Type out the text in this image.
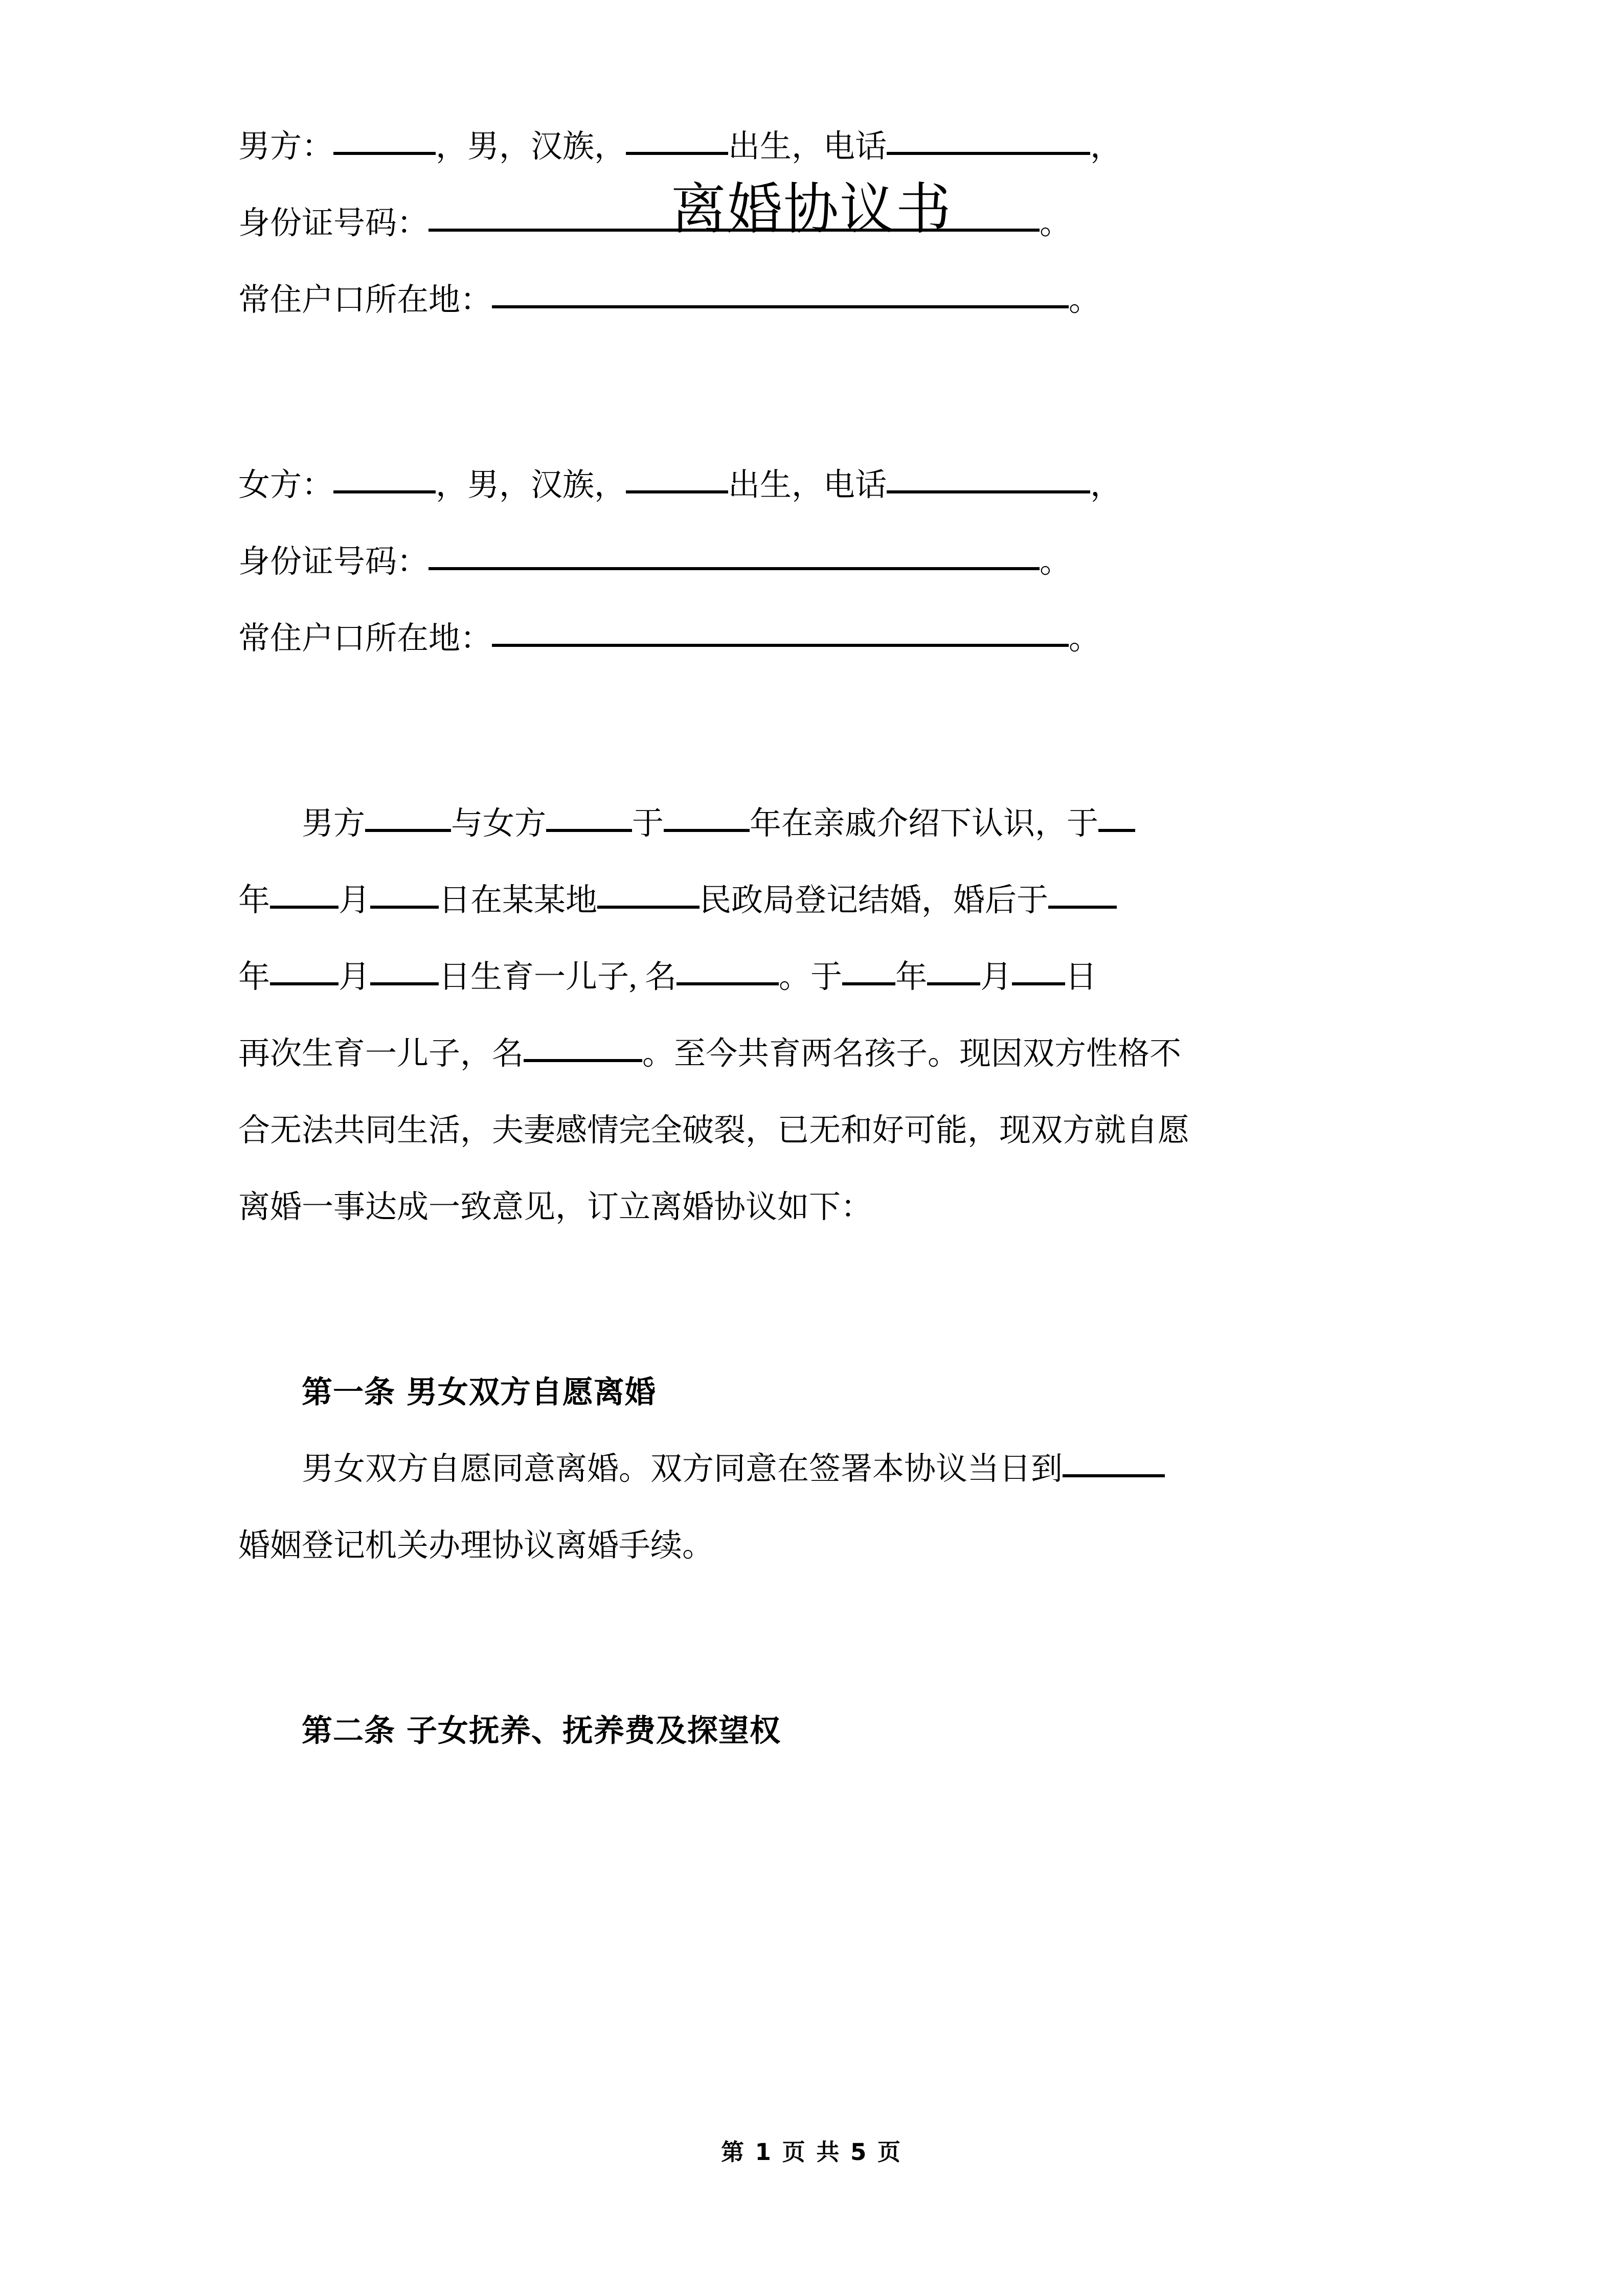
离婚协议书
男方：	，男，汉族，	出生，电话	，
身份证号码：	。
常住户口所在地：	。
女方：	，男，汉族，	出生，电话	，
身份证号码：	。
常住户口所在地：	。
男方	与女方	于	年在亲戚介绍下认识，于
年 月 日在某某地	民政局登记结婚，婚后于
年 月 日生育一儿子, 名	。于 年 月 日
再次生育一儿子，名	。至今共育两名孩子。现因双方性格不
合无法共同生活，夫妻感情完全破裂，已无和好可能，现双方就自愿
离婚一事达成一致意见，订立离婚协议如下：
第一条 男女双方自愿离婚
男女双方自愿同意离婚。双方同意在签署本协议当日到
婚姻登记机关办理协议离婚手续。
第二条 子女抚养、抚养费及探望权
第 1 页 共 5 页
